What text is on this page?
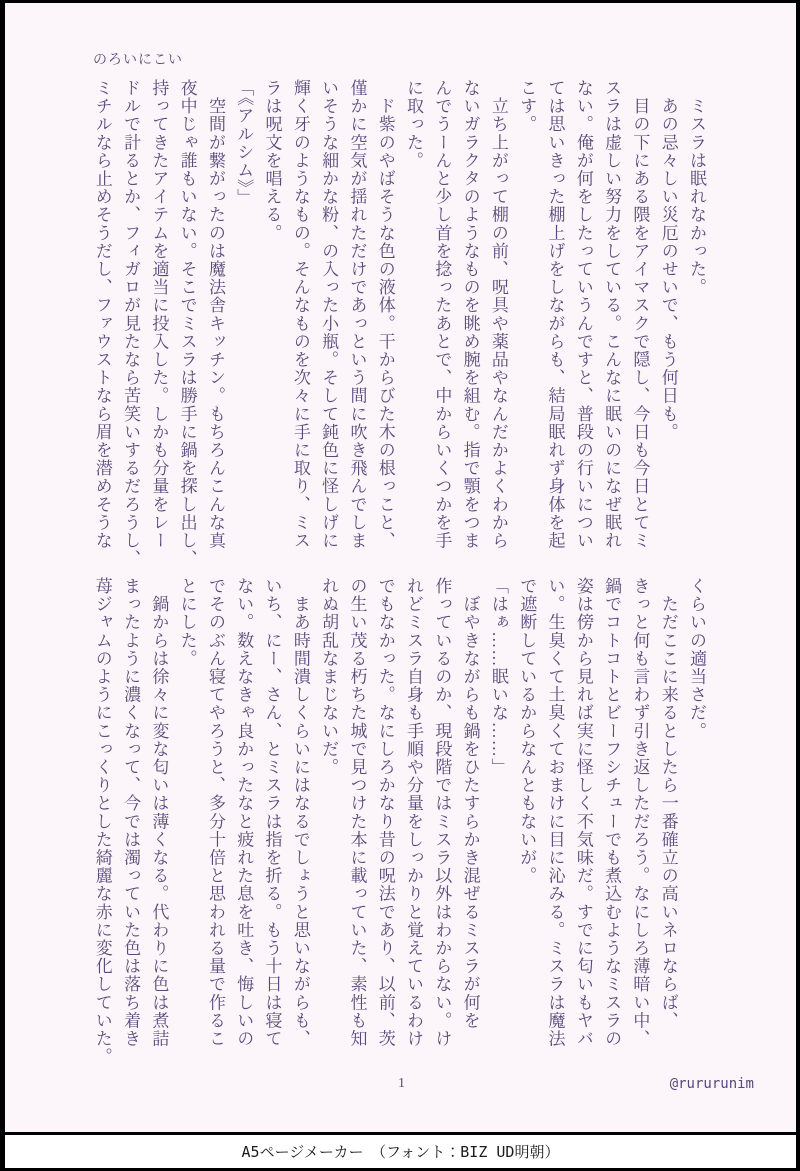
のろいにこい
　ミスラは眠れなかった。
　あの忌々しい災厄のせいで、もう何日も。
　目の下にある隈をアイマスクで隠し、今日も今日とてミ
スラは虚しい努力をしている。こんなに眠いのになぜ眠れ
ない。俺が何をしたっていうんですと、普段の行いについ
ては思いきった棚上げをしながらも、結局眠れず身体を起
こす。
　立ち上がって棚の前、呪具や薬品やなんだかよくわから
ないガラクタのようなものを眺め腕を組む。指で顎をつま
んでうーんと少し首を捻ったあとで、中からいくつかを手
に取った。
　ド紫のやばそうな色の液体。干からびた木の根っこと、
僅かに空気が揺れただけであっという間に吹き飛んでしま
いそうな細かな粉、の入った小瓶。そして鈍色に怪しげに
輝く牙のようなもの。そんなものを次々に手に取り、ミス
ラは呪文を唱える。
「《アルシム》」
　空間が繋がったのは魔法舎キッチン。もちろんこんな真
夜中じゃ誰もいない。そこでミスラは勝手に鍋を探し出し、
持ってきたアイテムを適当に投入した。しかも分量をレー
ドルで計るとか、フィガロが見たなら苦笑いするだろうし、
ミチルなら止めそうだし、ファウストなら眉を潜めそうな
くらいの適当さだ。
　ただここに来るとしたら一番確立の高いネロならば、
きっと何も言わず引き返しただろう。なにしろ薄暗い中、
鍋でコトコトとビーフシチューでも煮込むようなミスラの
姿は傍から見れば実に怪しく不気味だ。すでに匂いもヤバ
い。生臭くて土臭くておまけに目に沁みる。ミスラは魔法
で遮断しているからなんともないが。
「はぁ……眠いな……」
　ぼやきながらも鍋をひたすらかき混ぜるミスラが何を
作っているのか、現段階ではミスラ以外はわからない。け
れどミスラ自身も手順や分量をしっかりと覚えているわけ
でもなかった。なにしろかなり昔の呪法であり、以前、茨
の生い茂る朽ちた城で見つけた本に載っていた、素性も知
れぬ胡乱なまじないだ。
　まあ時間潰しくらいにはなるでしょうと思いながらも、
いち、にー、さん、とミスラは指を折る。もう十日は寝て
ない。数えなきゃ良かったなと疲れた息を吐き、悔しいの
でそのぶん寝てやろうと、多分十倍と思われる量で作るこ
とにした。
　鍋からは徐々に変な匂いは薄くなる。代わりに色は煮詰
まったように濃くなって、今では濁っていた色は落ち着き
苺ジャムのようにこっくりとした綺麗な赤に変化していた。
1	@rururunim
A5ページメーカー　（フォント：BIZ UD明朝）
